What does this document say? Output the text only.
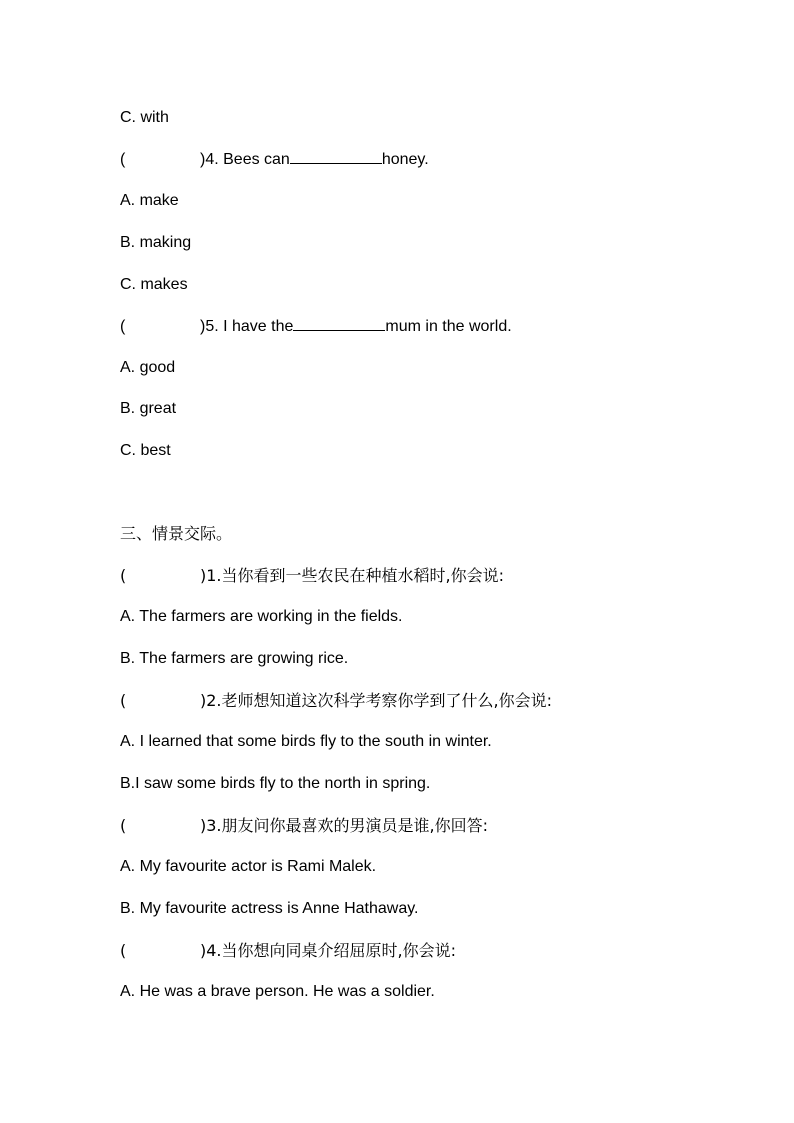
C. with
(	)4. Bees can	honey.
A. make
B. making
C. makes
(	)5. I have the	mum in the world.
A. good
B. great
C. best
三、情景交际。
(	)1.当你看到一些农民在种植水稻时,你会说:
A. The farmers are working in the fields.
B. The farmers are growing rice.
(	)2.老师想知道这次科学考察你学到了什么,你会说:
A. I learned that some birds fly to the south in winter.
B.I saw some birds fly to the north in spring.
(	)3.朋友问你最喜欢的男演员是谁,你回答:
A. My favourite actor is Rami Malek.
B. My favourite actress is Anne Hathaway.
(	)4.当你想向同桌介绍屈原时,你会说:
A. He was a brave person. He was a soldier.
